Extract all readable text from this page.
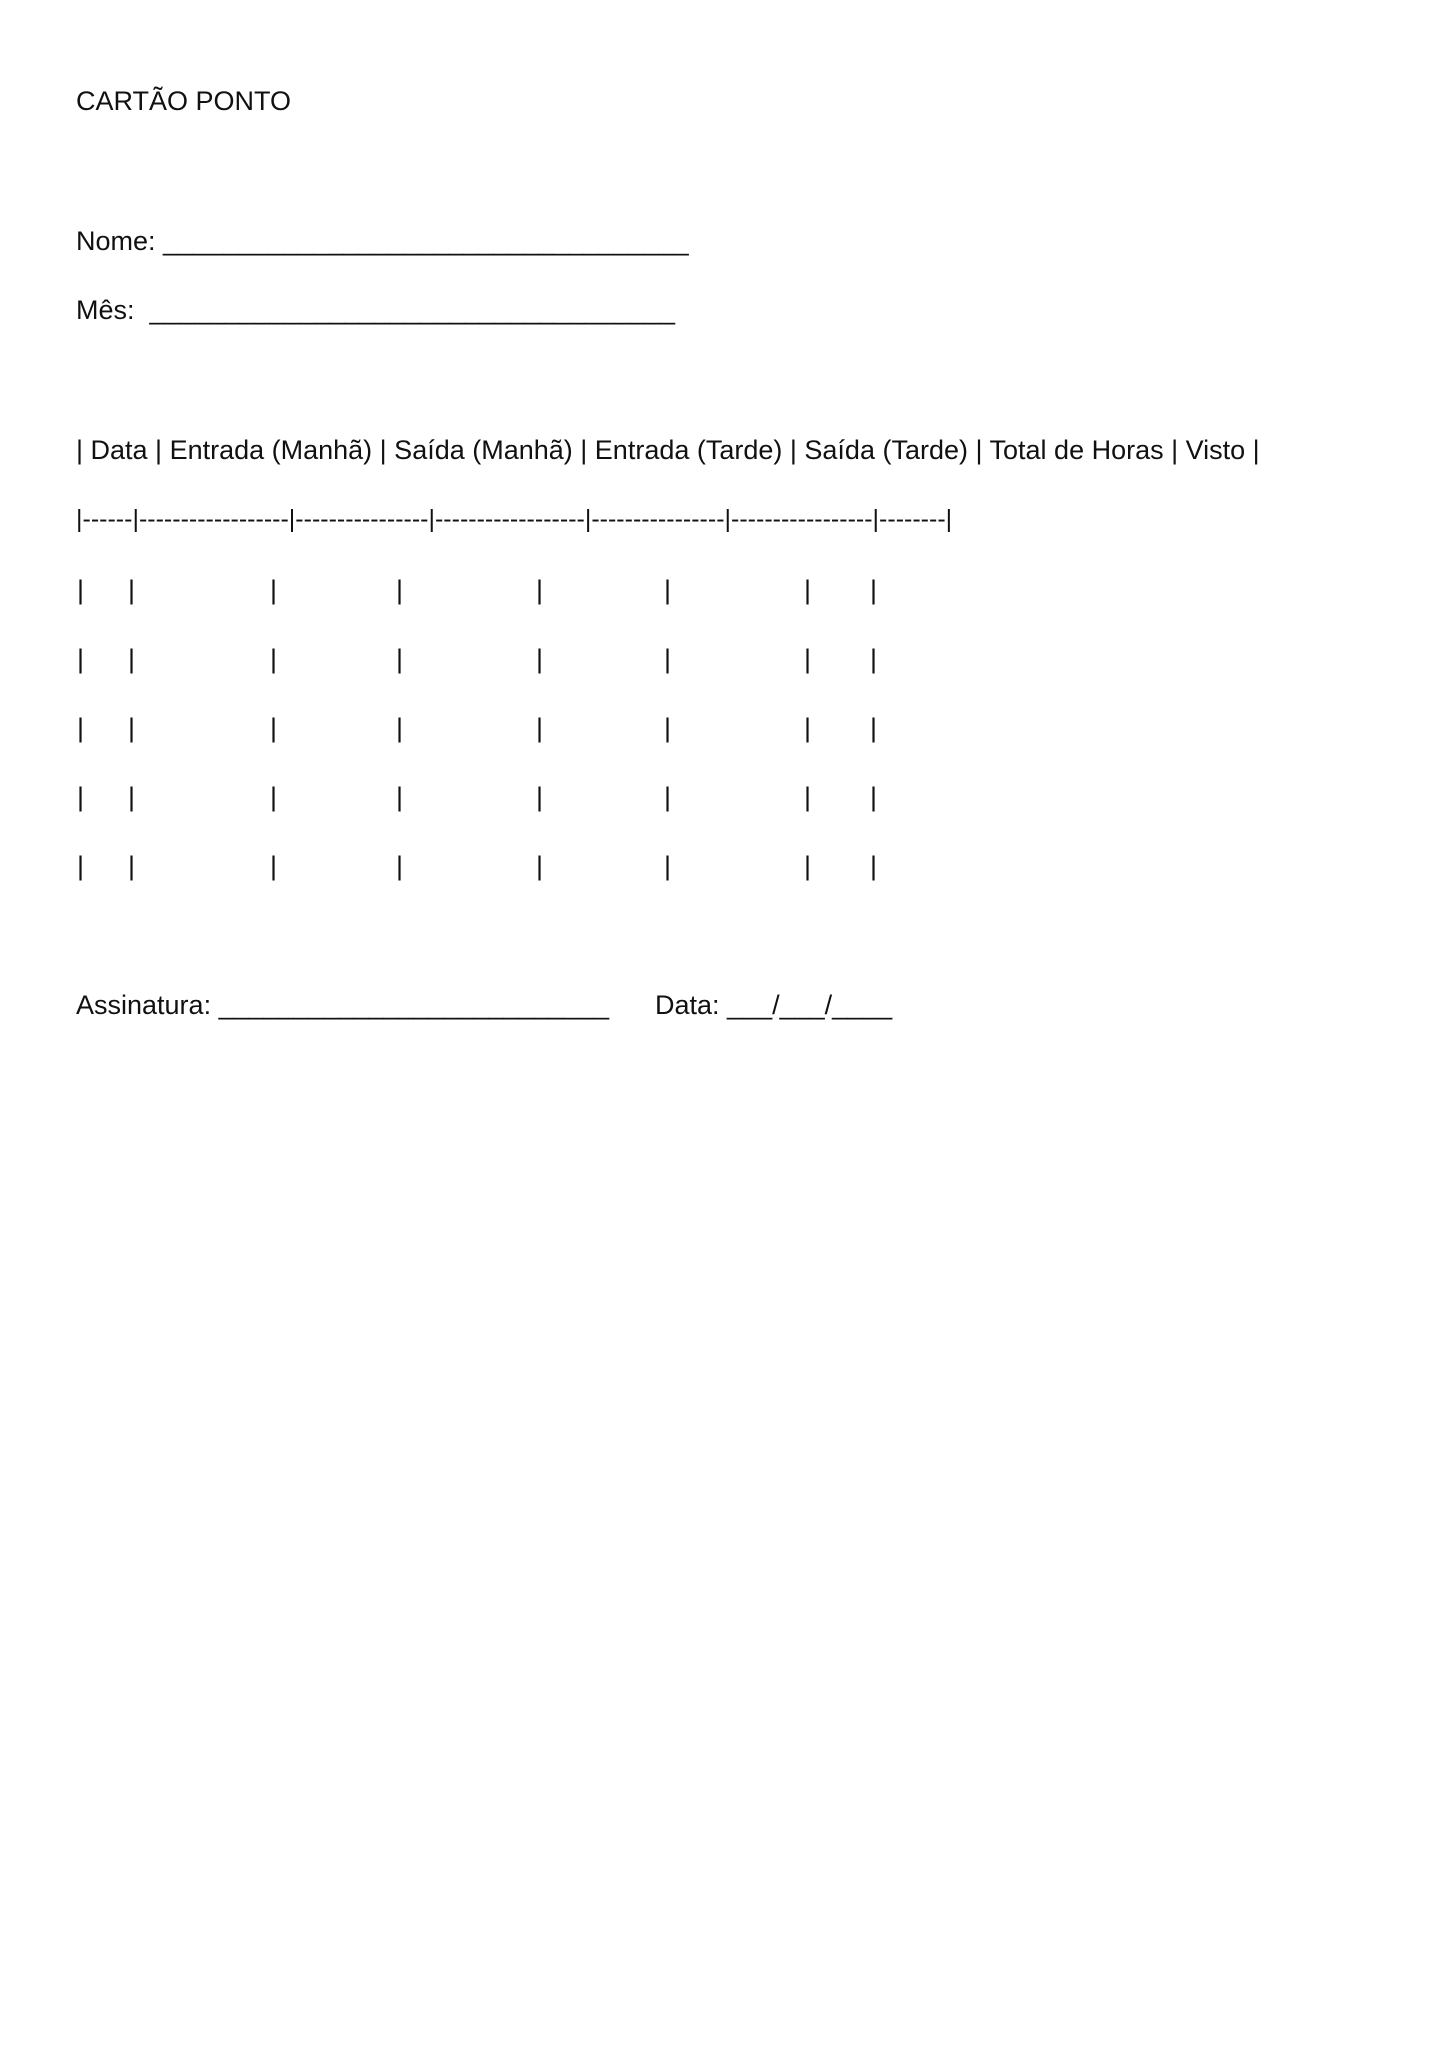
CARTÃO PONTO
Nome: ___________________________________
Mês:  ___________________________________
| Data | Entrada (Manhã) | Saída (Manhã) | Entrada (Tarde) | Saída (Tarde) | Total de Horas | Visto |
|------|------------------|----------------|------------------|----------------|-----------------|--------|
| |	|	|	|	|	| |
| |	|	|	|	|	| |
| |	|	|	|	|	| |
| |	|	|	|	|	| |
| |	|	|	|	|	| |
Assinatura: __________________________ Data: ___/___/____
